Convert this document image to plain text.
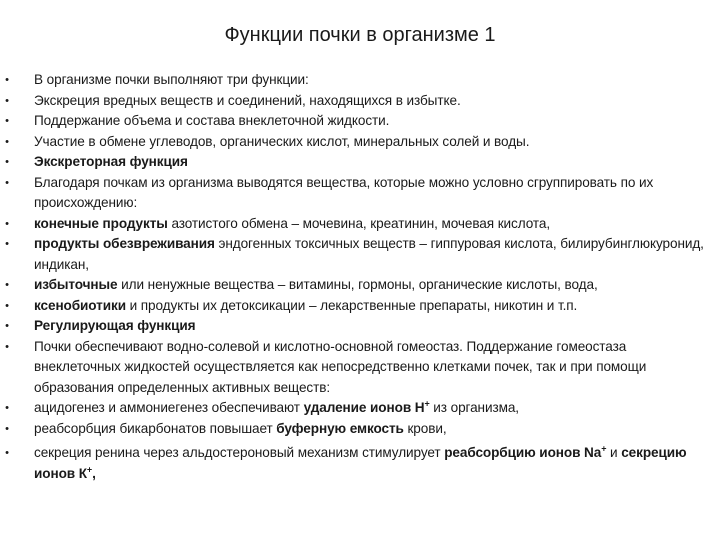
Функции почки в организме 1
•	В организме почки выполняют три функции:
•	Экскреция вредных веществ и соединений, находящихся в избытке.
•	Поддержание объема и состава внеклеточной жидкости.
•	Участие в обмене углеводов, органических кислот, минеральных солей и воды.
•	Экскреторная функция
•	Благодаря почкам из организма выводятся вещества, которые можно условно сгруппировать по их происхождению:
•	конечные продукты азотистого обмена – мочевина, креатинин, мочевая кислота,
•	продукты обезвреживания эндогенных токсичных веществ – гиппуровая кислота, билирубинглюкуронид, индикан,
•	избыточные или ненужные вещества – витамины, гормоны, органические кислоты, вода,
•	ксенобиотики и продукты их детоксикации – лекарственные препараты, никотин и т.п.
•	Регулирующая функция
•	Почки обеспечивают водно-солевой и кислотно-основной гомеостаз. Поддержание гомеостаза внеклеточных жидкостей осуществляется как непосредственно клетками почек, так и при помощи образования определенных активных веществ:
•	ацидогенез и аммониегенез обеспечивают удаление ионов Н+ из организма,
•	реабсорбция бикарбонатов повышает буферную емкость крови,
•	секреция ренина через альдостероновый механизм стимулирует реабсорбцию ионов Na+ и секрецию ионов К+,
